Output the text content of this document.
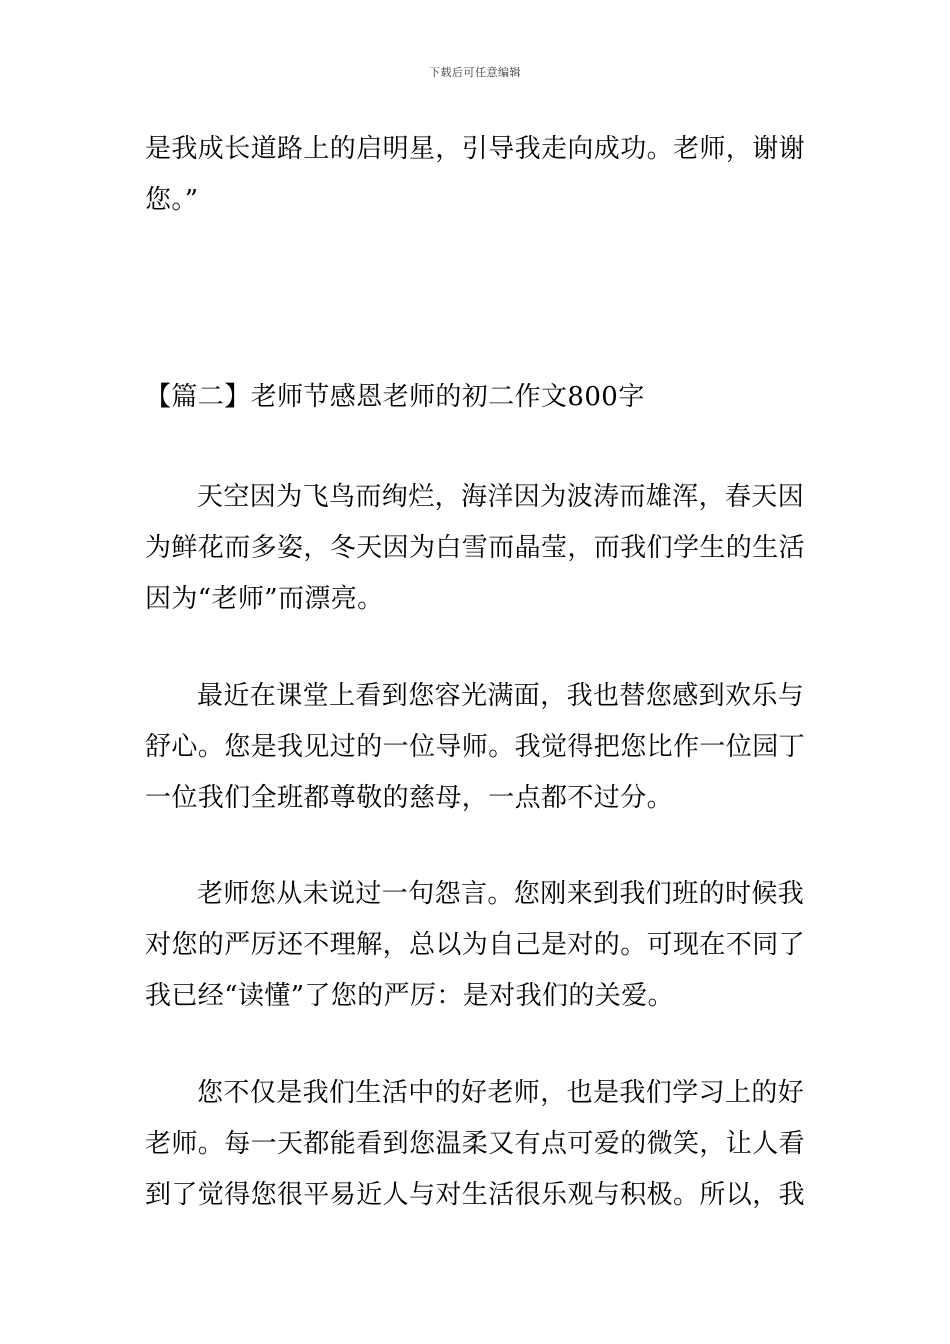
下载后可任意编辑
是我成长道路上的启明星，引导我走向成功。老师，谢谢
您。”
【篇二】老师节感恩老师的初二作文800字
天空因为飞鸟而绚烂，海洋因为波涛而雄浑，春天因
为鲜花而多姿，冬天因为白雪而晶莹，而我们学生的生活
因为“老师”而漂亮。
最近在课堂上看到您容光满面，我也替您感到欢乐与
舒心。您是我见过的一位导师。我觉得把您比作一位园丁
一位我们全班都尊敬的慈母，一点都不过分。
老师您从未说过一句怨言。您刚来到我们班的时候我
对您的严厉还不理解，总以为自己是对的。可现在不同了
我已经“读懂”了您的严厉：是对我们的关爱。
您不仅是我们生活中的好老师，也是我们学习上的好
老师。每一天都能看到您温柔又有点可爱的微笑，让人看
到了觉得您很平易近人与对生活很乐观与积极。所以，我
